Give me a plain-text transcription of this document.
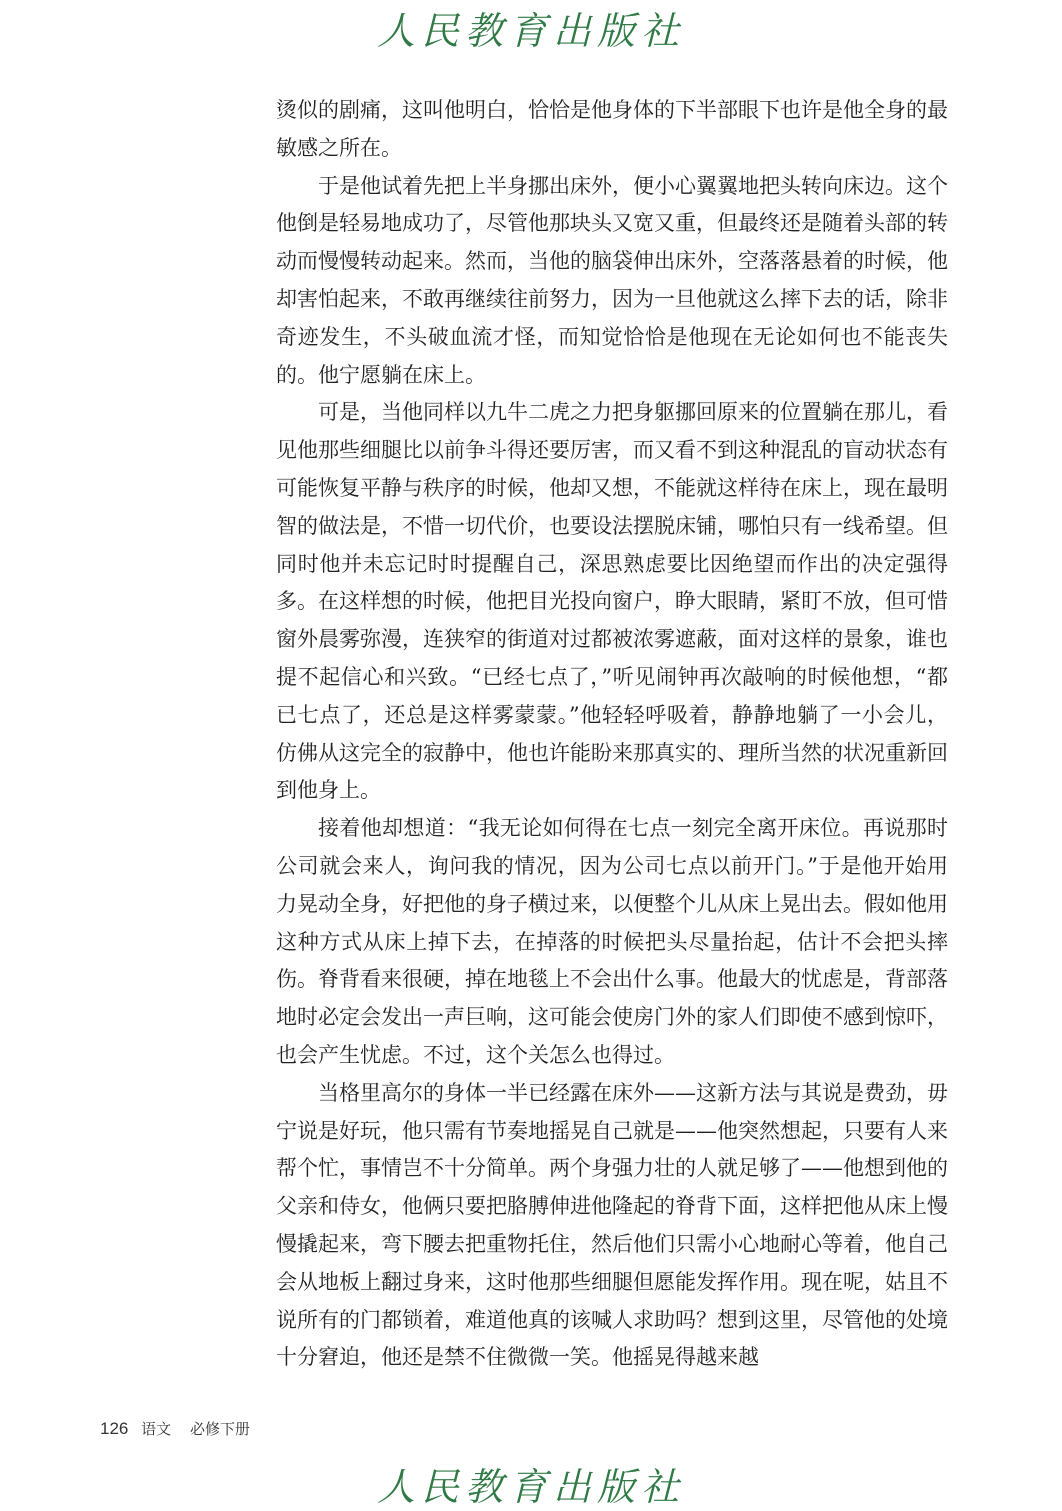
人民教育出版社

烫似的剧痛，这叫他明白，恰恰是他身体的下半部眼下也许是他全身的最敏感之所在。

于是他试着先把上半身挪出床外，便小心翼翼地把头转向床边。这个他倒是轻易地成功了，尽管他那块头又宽又重，但最终还是随着头部的转动而慢慢转动起来。然而，当他的脑袋伸出床外，空落落悬着的时候，他却害怕起来，不敢再继续往前努力，因为一旦他就这么摔下去的话，除非奇迹发生，不头破血流才怪，而知觉恰恰是他现在无论如何也不能丧失的。他宁愿躺在床上。

可是，当他同样以九牛二虎之力把身躯挪回原来的位置躺在那儿，看见他那些细腿比以前争斗得还要厉害，而又看不到这种混乱的盲动状态有可能恢复平静与秩序的时候，他却又想，不能就这样待在床上，现在最明智的做法是，不惜一切代价，也要设法摆脱床铺，哪怕只有一线希望。但同时他并未忘记时时提醒自己，深思熟虑要比因绝望而作出的决定强得多。在这样想的时候，他把目光投向窗户，睁大眼睛，紧盯不放，但可惜窗外晨雾弥漫，连狭窄的街道对过都被浓雾遮蔽，面对这样的景象，谁也提不起信心和兴致。“已经七点了，”听见闹钟再次敲响的时候他想，“都已七点了，还总是这样雾蒙蒙。”他轻轻呼吸着，静静地躺了一小会儿，仿佛从这完全的寂静中，他也许能盼来那真实的、理所当然的状况重新回到他身上。

接着他却想道：“我无论如何得在七点一刻完全离开床位。再说那时公司就会来人，询问我的情况，因为公司七点以前开门。”于是他开始用力晃动全身，好把他的身子横过来，以便整个儿从床上晃出去。假如他用这种方式从床上掉下去，在掉落的时候把头尽量抬起，估计不会把头摔伤。脊背看来很硬，掉在地毯上不会出什么事。他最大的忧虑是，背部落地时必定会发出一声巨响，这可能会使房门外的家人们即使不感到惊吓，也会产生忧虑。不过，这个关怎么也得过。

当格里高尔的身体一半已经露在床外——这新方法与其说是费劲，毋宁说是好玩，他只需有节奏地摇晃自己就是——他突然想起，只要有人来帮个忙，事情岂不十分简单。两个身强力壮的人就足够了——他想到他的父亲和侍女，他俩只要把胳膊伸进他隆起的脊背下面，这样把他从床上慢慢撬起来，弯下腰去把重物托住，然后他们只需小心地耐心等着，他自己会从地板上翻过身来，这时他那些细腿但愿能发挥作用。现在呢，姑且不说所有的门都锁着，难道他真的该喊人求助吗？想到这里，尽管他的处境十分窘迫，他还是禁不住微微一笑。他摇晃得越来越

126 语文 必修下册
人民教育出版社
